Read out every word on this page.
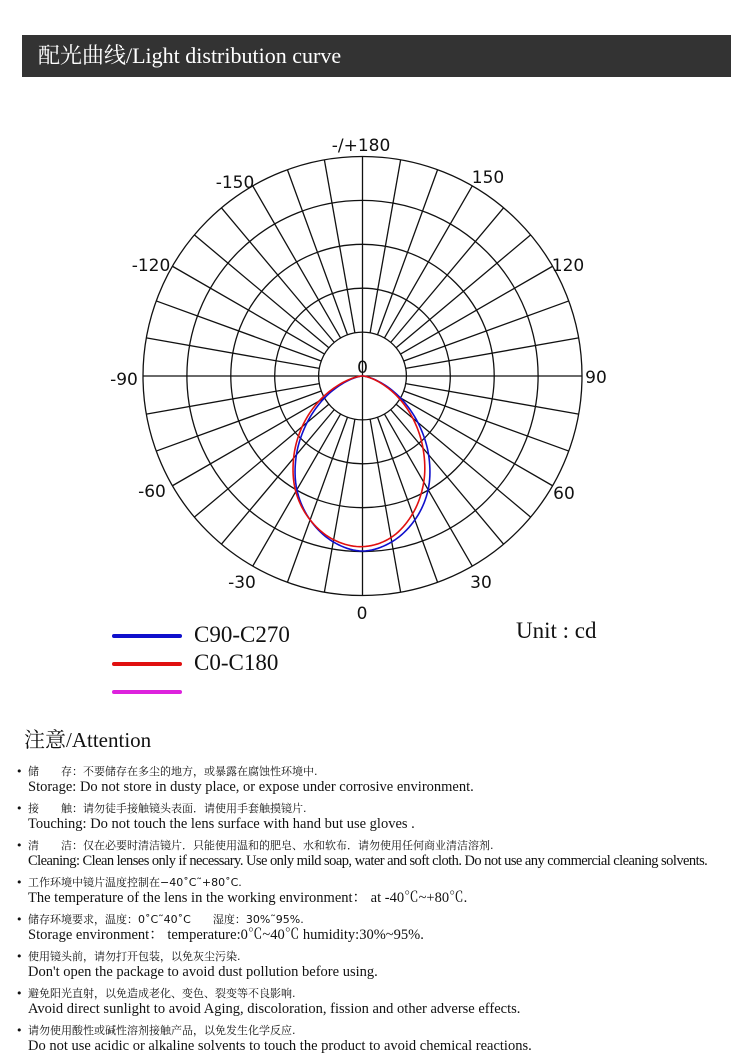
配光曲线/Light distribution curve
0
30
60
90
120
150
-/+180
-150
-120
-90
-60
-30
0
C90-C270
C0-C180
Unit : cd
注意/Attention
• 储　　存：不要储存在多尘的地方，或暴露在腐蚀性环境中.
Storage: Do not store in dusty place, or expose under corrosive environment.
• 接　　触：请勿徒手接触镜头表面．请使用手套触摸镜片.
Touching: Do not touch the lens surface with hand but use gloves .
• 清　　洁：仅在必要时清洁镜片．只能使用温和的肥皂、水和软布．请勿使用任何商业清洁溶剂.
Cleaning: Clean lenses only if necessary. Use only mild soap, water and soft cloth. Do not use any commercial cleaning solvents.
• 工作环境中镜片温度控制在−40˚C˜+80˚C.
The temperature of the lens in the working environment： at -40℃~+80℃.
• 储存环境要求，温度：0˚C˜40˚C　　湿度：30%˜95%.
Storage environment： temperature:0℃~40℃ humidity:30%~95%.
• 使用镜头前，请勿打开包装，以免灰尘污染.
Don't open the package to avoid dust pollution before using.
• 避免阳光直射，以免造成老化、变色、裂变等不良影响.
Avoid direct sunlight to avoid Aging, discoloration, fission and other adverse effects.
• 请勿使用酸性或碱性溶剂接触产品，以免发生化学反应.
Do not use acidic or alkaline solvents to touch the product to avoid chemical reactions.
